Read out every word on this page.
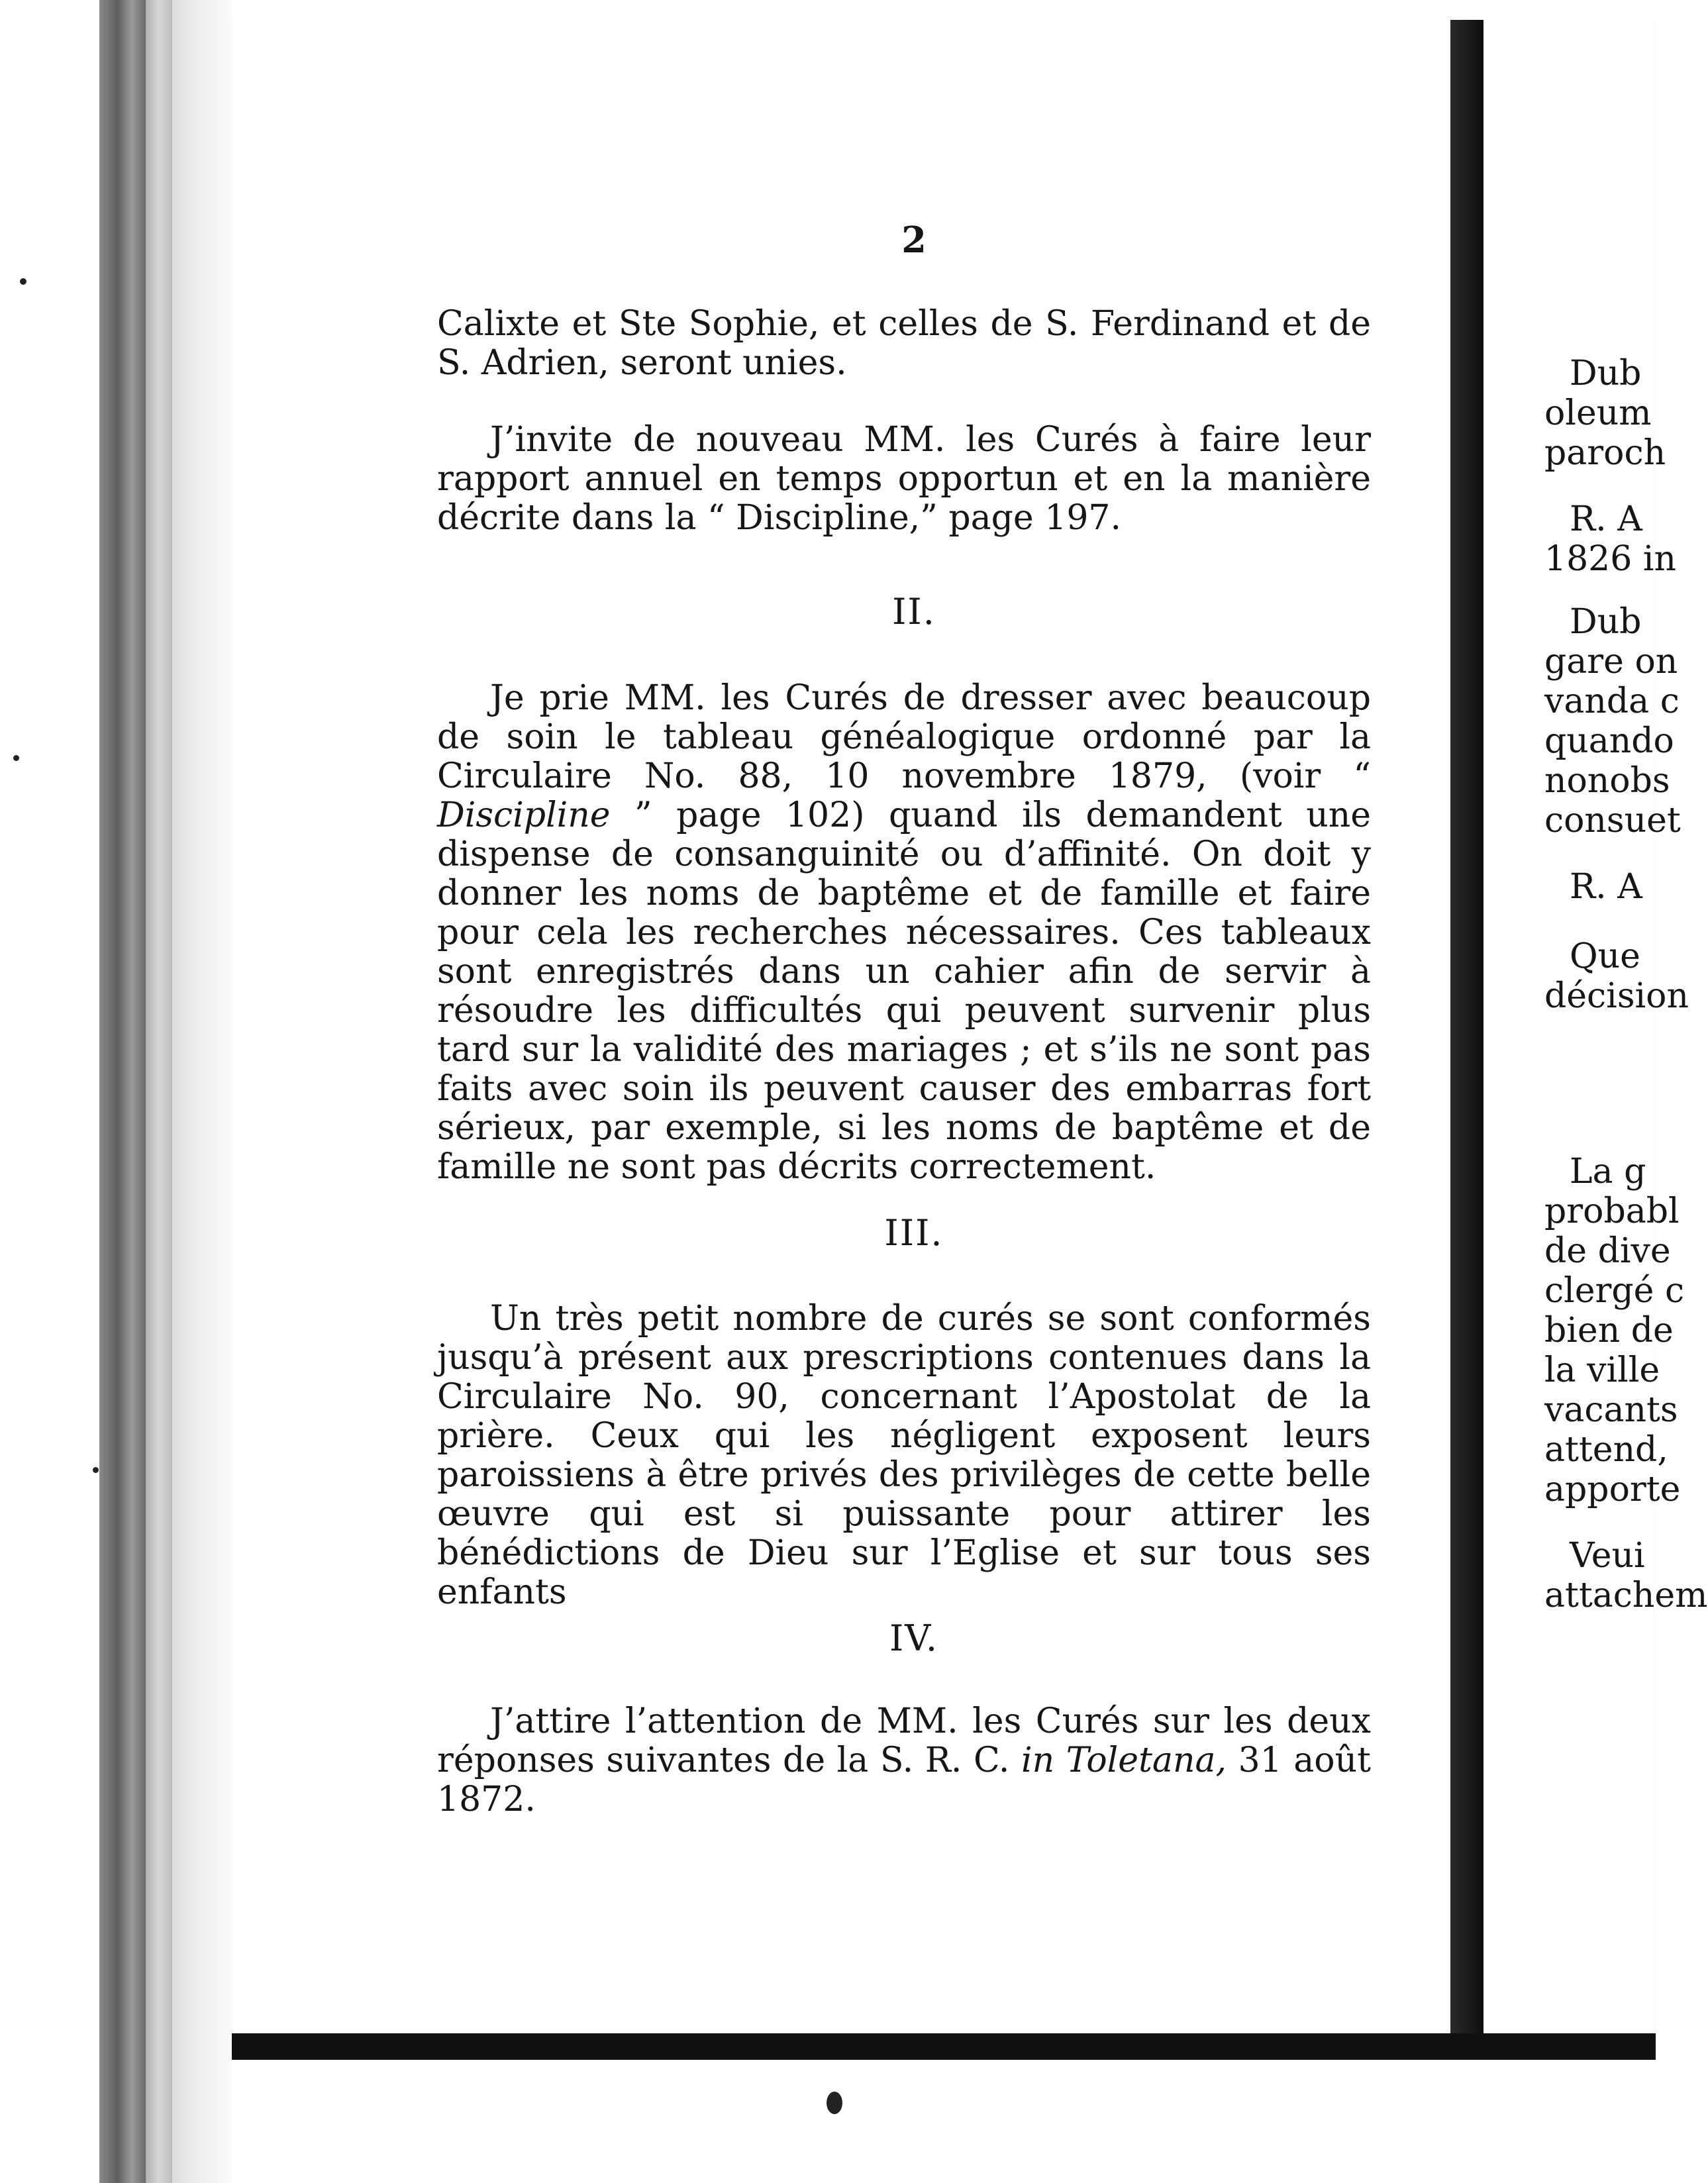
2

Calixte et Ste Sophie, et celles de S. Ferdinand et de S. Adrien, seront unies.

J’invite de nouveau MM. les Curés à faire leur rapport annuel en temps opportun et en la manière décrite dans la “ Discipline,” page 197.

II.

Je prie MM. les Curés de dresser avec beaucoup de soin le tableau généalogique ordonné par la Circulaire No. 88, 10 novembre 1879, (voir “ Discipline ” page 102) quand ils demandent une dispense de consanguinité ou d’affinité. On doit y donner les noms de baptême et de famille et faire pour cela les recherches nécessaires. Ces tableaux sont enregistrés dans un cahier afin de servir à résoudre les difficultés qui peuvent survenir plus tard sur la validité des mariages ; et s’ils ne sont pas faits avec soin ils peuvent causer des embarras fort sérieux, par exemple, si les noms de baptême et de famille ne sont pas décrits correctement.

III.

Un très petit nombre de curés se sont conformés jusqu’à présent aux prescriptions contenues dans la Circulaire No. 90, concernant l’Apostolat de la prière. Ceux qui les négligent exposent leurs paroissiens à être privés des privilèges de cette belle œuvre qui est si puissante pour attirer les bénédictions de Dieu sur l’Eglise et sur tous ses enfants

IV.

J’attire l’attention de MM. les Curés sur les deux réponses suivantes de la S. R. C. in Toletana, 31 août 1872.

Dub
oleum
paroch
R. A
1826 in
Dub
gare on
vanda c
quando
nonobs
consuet
R. A
Que
décision
La g
probabl
de dive
clergé c
bien de
la ville
vacants
attend,
apporte
Veui
attachem
